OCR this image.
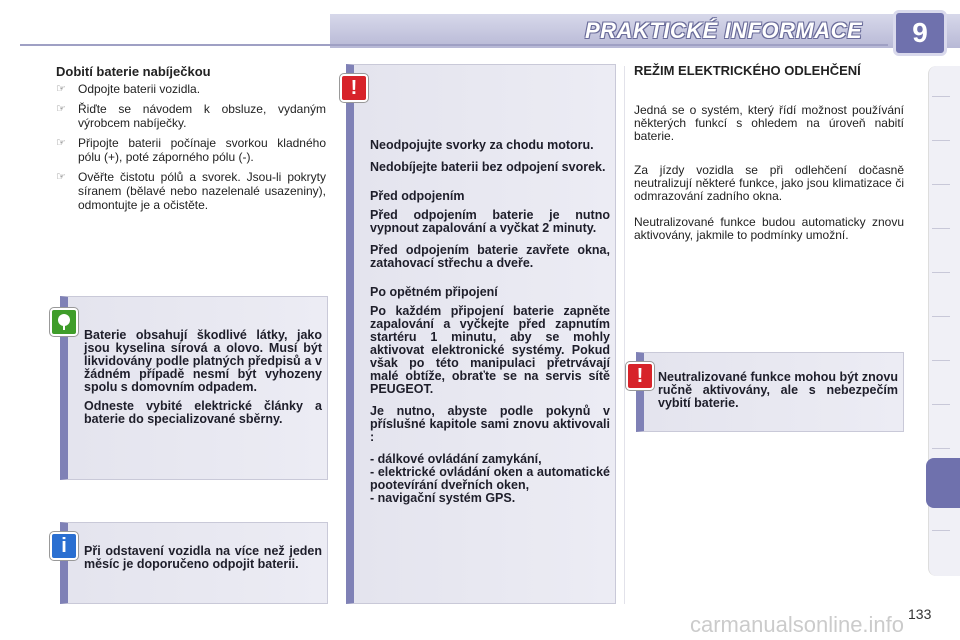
PRAKTICKÉ INFORMACE	9
Dobití baterie nabíječkou
☞ Odpojte baterii vozidla.
☞ Řiďte se návodem k obsluze, vydaným výrobcem nabíječky.
☞ Připojte baterii počínaje svorkou kladného pólu (+), poté záporného pólu (-).
☞ Ověřte čistotu pólů a svorek. Jsou-li pokryty síranem (bělavé nebo nazelenalé usazeniny), odmontujte je a očistěte.
Baterie obsahují škodlivé látky, jako jsou kyselina sírová a olovo. Musí být likvidovány podle platných předpisů a v žádném případě nesmí být vyhozeny spolu s domovním odpadem.
Odneste vybité elektrické články a baterie do specializované sběrny.
Při odstavení vozidla na více než jeden měsíc je doporučeno odpojit baterii.
i

Neodpojujte svorky za chodu motoru.

Nedobíjejte baterii bez odpojení svorek.

Před odpojením

Před odpojením baterie je nutno vypnout zapalování a vyčkat 2 minuty.

Před odpojením baterie zavřete okna, zatahovací střechu a dveře.

Po opětném připojení

Po každém připojení baterie zapněte zapalování a vyčkejte před zapnutím startéru 1 minutu, aby se mohly aktivovat elektronické systémy. Pokud však po této manipulaci přetrvávají malé obtíže, obraťte se na servis sítě PEUGEOT.

Je nutno, abyste podle pokynů v příslušné kapitole sami znovu aktivovali :

- dálkové ovládání zamykání,
- elektrické ovládání oken a automatické pootevírání dveřních oken,
- navigační systém GPS.
!
REŽIM ELEKTRICKÉHO ODLEHČENÍ
Jedná se o systém, který řídí možnost používání některých funkcí s ohledem na úroveň nabití baterie.
Za jízdy vozidla se při odlehčení dočasně neutralizují některé funkce, jako jsou klimatizace či odmrazování zadního okna.
Neutralizované funkce budou automaticky znovu aktivovány, jakmile to podmínky umožní.
Neutralizované funkce mohou být znovu ručně aktivovány, ale s nebezpečím vybití baterie.
!
133
carmanualsonline.info
